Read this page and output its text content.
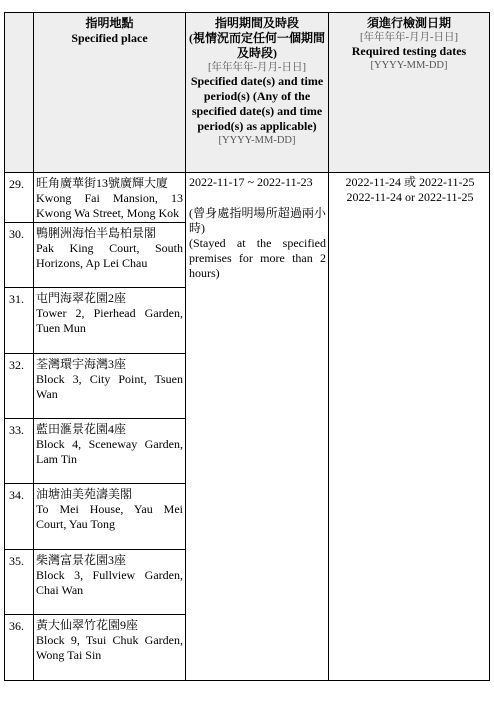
	指明地點
Specified place	指明期間及時段
(視情況而定任何一個期間及時段)
[年年年年-月月-日日]
Specified date(s) and time period(s) (Any of the specified date(s) and time period(s) as applicable)
[YYYY-MM-DD]	須進行檢測日期
[年年年年-月月-日日]
Required testing dates
[YYYY-MM-DD]

29.	旺角廣華街13號廣輝大廈
Kwong Fai Mansion, 13 Kwong Wa Street, Mong Kok	2022-11-17 ~ 2022-11-23
(曾身處指明場所超過兩小時)
(Stayed at the specified premises for more than 2 hours)	2022-11-24 或 2022-11-25
2022-11-24 or 2022-11-25

30.	鴨脷洲海怡半島柏景閣
Pak King Court, South Horizons, Ap Lei Chau		

31.	屯門海翠花園2座
Tower 2, Pierhead Garden, Tuen Mun		

32.	荃灣環宇海灣3座
Block 3, City Point, Tsuen Wan		

33.	藍田滙景花園4座
Block 4, Sceneway Garden, Lam Tin		

34.	油塘油美苑濤美閣
To Mei House, Yau Mei Court, Yau Tong		

35.	柴灣富景花園3座
Block 3, Fullview Garden, Chai Wan		

36.	黃大仙翠竹花園9座
Block 9, Tsui Chuk Garden, Wong Tai Sin		
